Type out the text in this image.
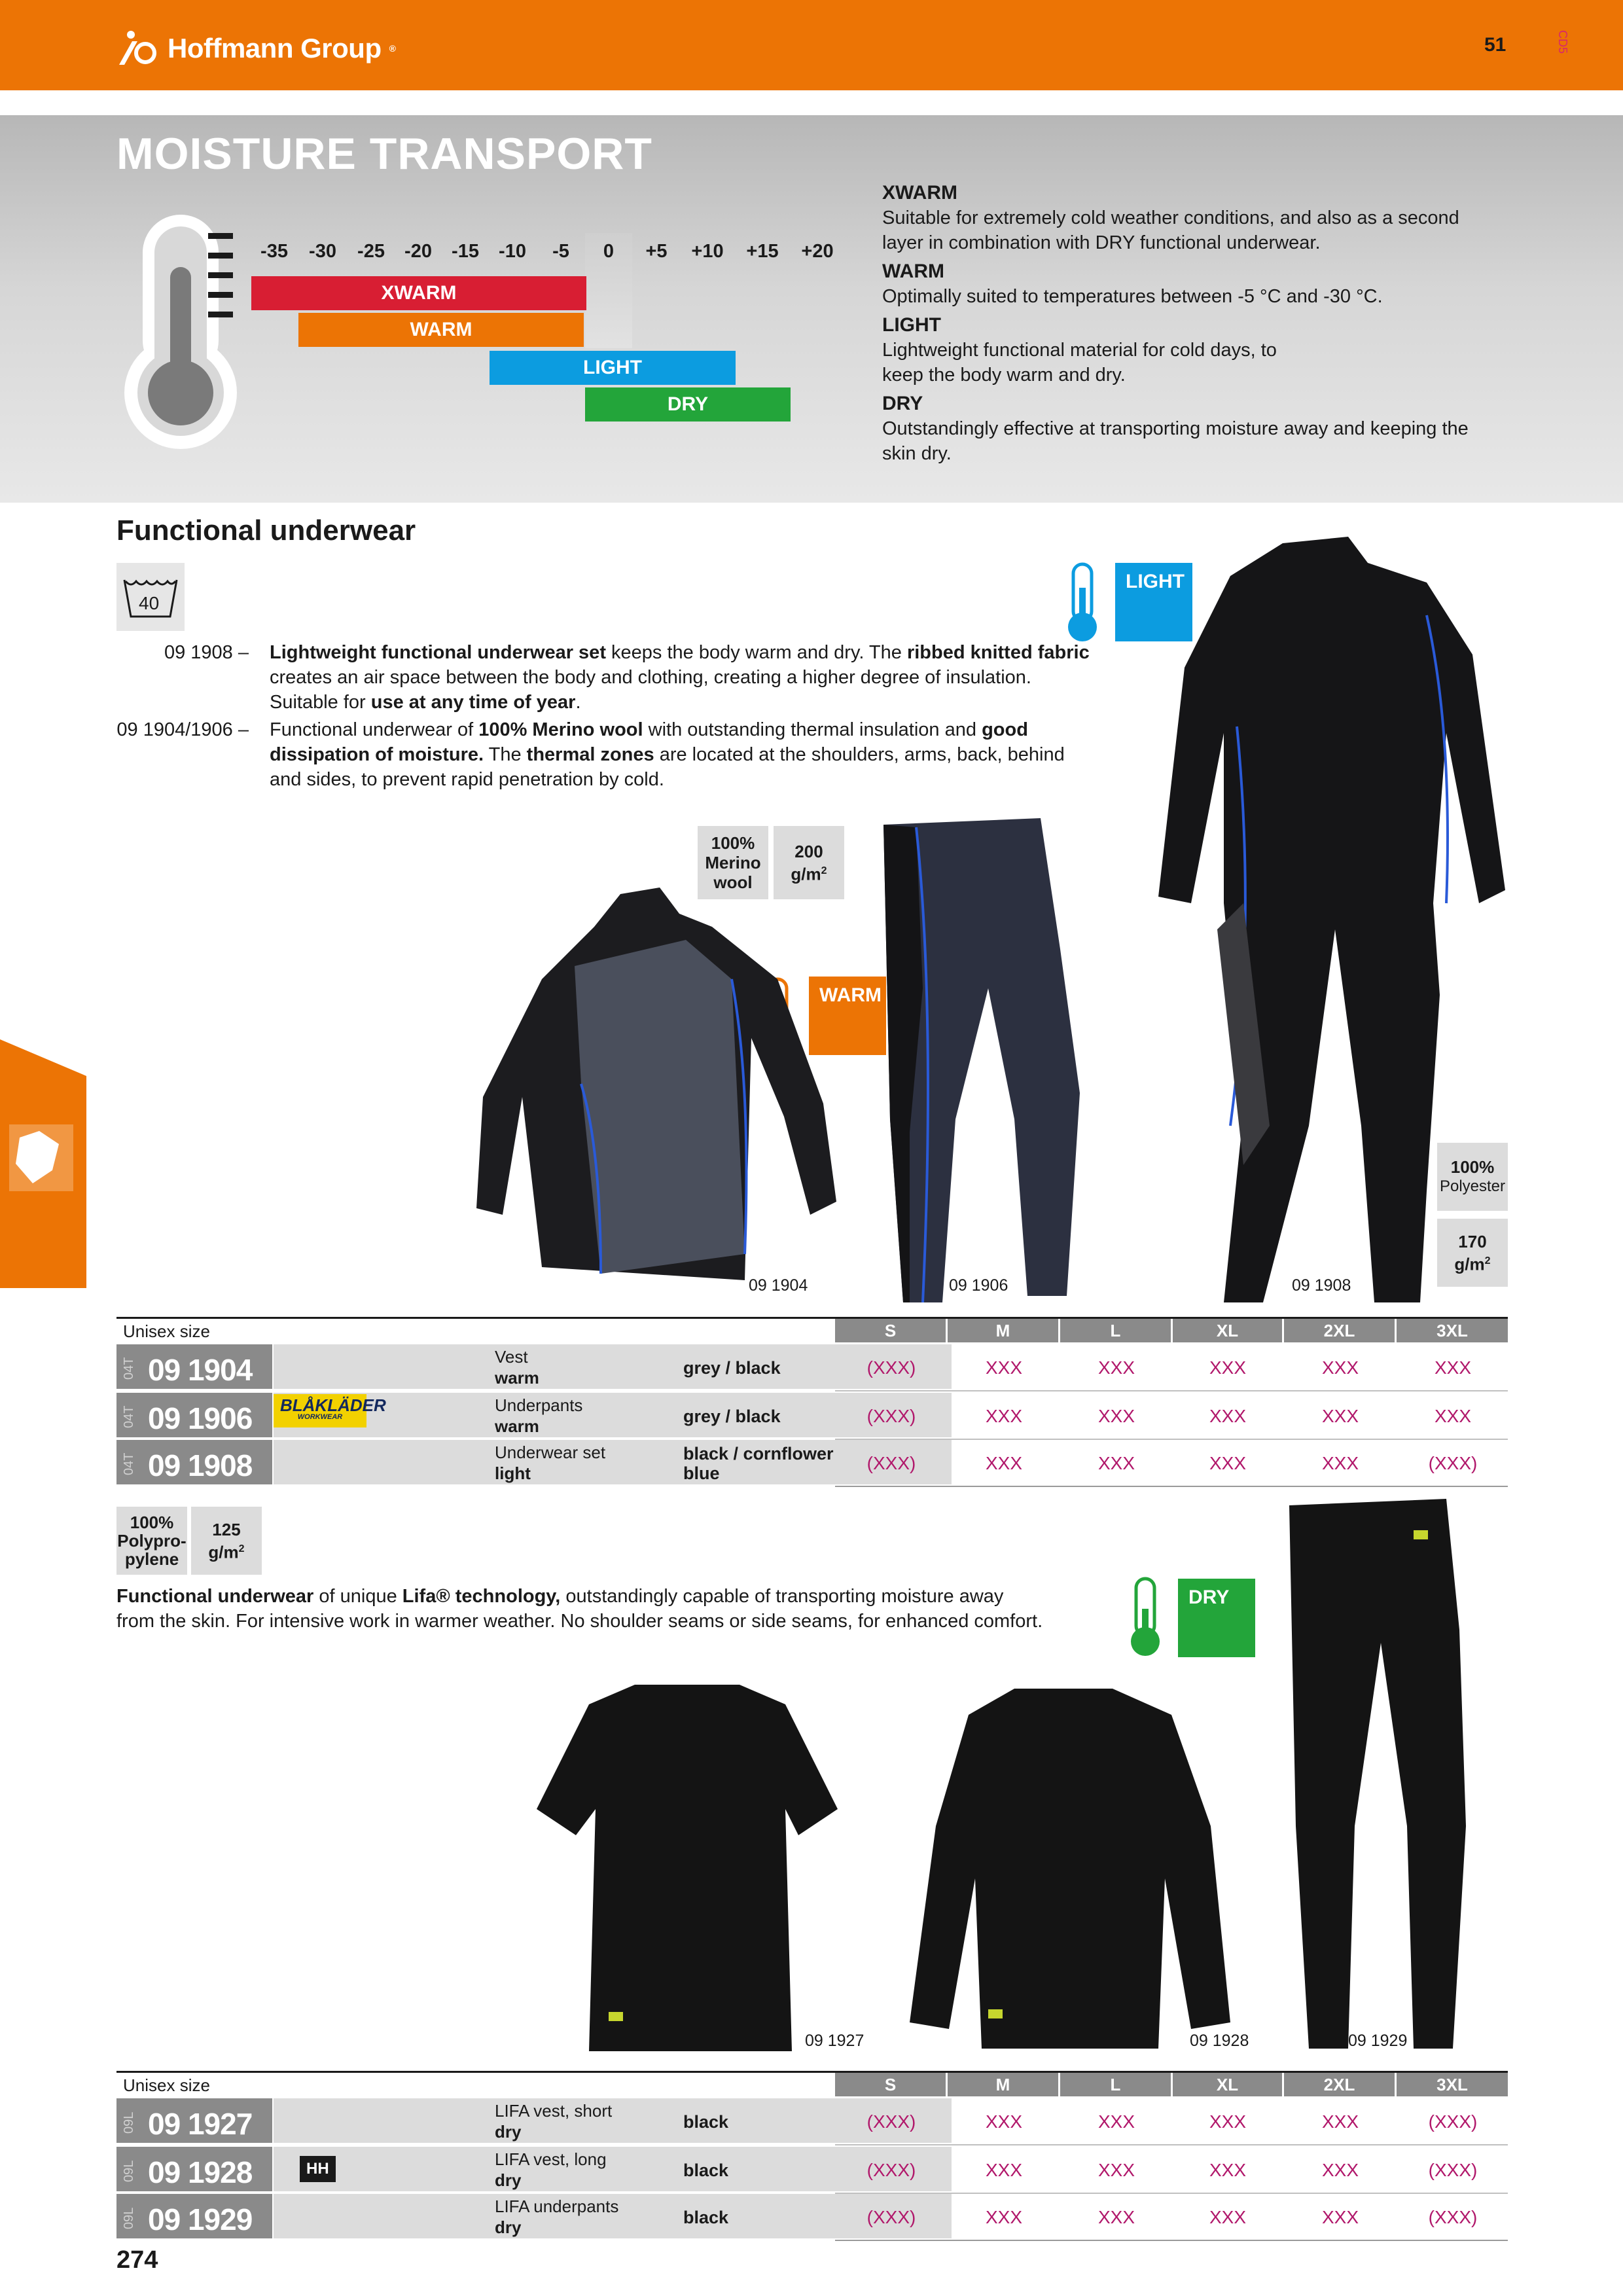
Hoffmann Group ®	51	CD5
MOISTURE TRANSPORT
-35	-30	-25	-20	-15	-10	-5	0	+5	+10	+15	+20
XWARM
WARM
LIGHT
DRY
XWARM
Suitable for extremely cold weather conditions, and also as a second layer in combination with DRY functional underwear.
WARM
Optimally suited to temperatures between -5 °C and -30 °C.
LIGHT
Lightweight functional material for cold days, to keep the body warm and dry.
DRY
Outstandingly effective at transporting moisture away and keeping the skin dry.
Functional underwear
40
09 1908 – Lightweight functional underwear set keeps the body warm and dry. The ribbed knitted fabric creates an air space between the body and clothing, creating a higher degree of insulation. Suitable for use at any time of year.
09 1904/1906 – Functional underwear of 100% Merino wool with outstanding thermal insulation and good dissipation of moisture. The thermal zones are located at the shoulders, arms, back, behind and sides, to prevent rapid penetration by cold.
100%
Merino
wool
200
$g/m^2$
100%
Polyester
170
$g/m^2$
LIGHT
WARM
09 1904	09 1906	09 1908
Unisex size	S	M	L	XL	2XL	3XL
04T 09 1904	Vest
warm	grey / black	(XXX)	XXX	XXX	XXX	XXX	XXX
04T 09 1906	Underpants
warm	grey / black	(XXX)	XXX	XXX	XXX	XXX	XXX
04T 09 1908	Underwear set
light
black / cornflower blue	(XXX)	XXX	XXX	XXX	XXX	(XXX)
BLÅKLÄDER
WORKWEAR
100%
Polypro-
pylene
125
$g/m^2$
Functional underwear of unique Lifa® technology, outstandingly capable of transporting moisture away from the skin. For intensive work in warmer weather. No shoulder seams or side seams, for enhanced comfort.
DRY
09 1927	09 1928	09 1929
Unisex size	S	M	L	XL	2XL	3XL
09L 09 1927	LIFA vest, short
dry	black	(XXX)	XXX	XXX	XXX	XXX	(XXX)
09L 09 1928	LIFA vest, long
dry	black	(XXX)	XXX	XXX	XXX	XXX	(XXX)
09L 09 1929	LIFA underpants
dry	black	(XXX)	XXX	XXX	XXX	XXX	(XXX)
HH
274
